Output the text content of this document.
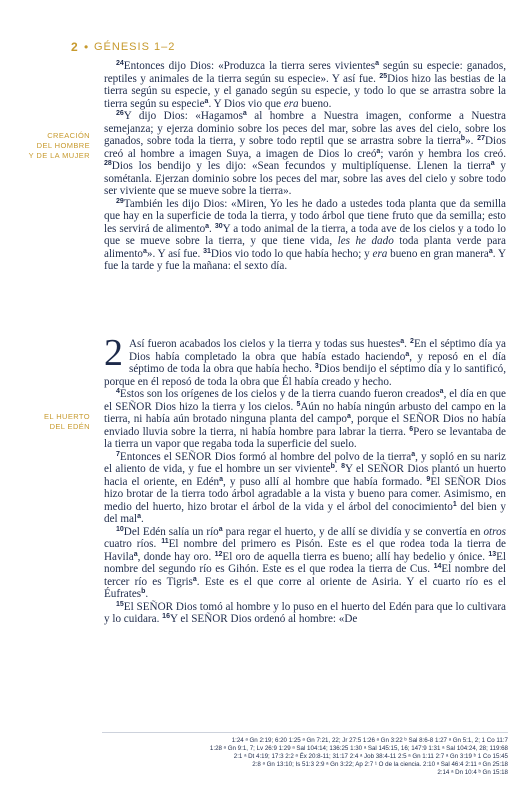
2 • GÉNESIS 1–2
CREACIÓN
DEL HOMBRE
Y DE LA MUJER
EL HUERTO
DEL EDÉN

$^{24}$Entonces dijo Dios: «Produzca la tierra seres vivientes$^a$ según su especie: ganados, reptiles y animales de la tierra según su especie». Y así fue. $^{25}$Dios hizo las bestias de la tierra según su especie, y el ganado según su especie, y todo lo que se arrastra sobre la tierra según su especie$^a$. Y Dios vio que era bueno.

$^{26}$Y dijo Dios: «Hagamos$^a$ al hombre a Nuestra imagen, conforme a Nuestra semejanza; y ejerza dominio sobre los peces del mar, sobre las aves del cielo, sobre los ganados, sobre toda la tierra, y sobre todo reptil que se arrastra sobre la tierra$^b$». $^{27}$Dios creó al hombre a imagen Suya, a imagen de Dios lo creó$^a$; varón y hembra los creó. $^{28}$Dios los bendijo y les dijo: «Sean fecundos y multiplíquense. Llenen la tierra$^a$ y sométanla. Ejerzan dominio sobre los peces del mar, sobre las aves del cielo y sobre todo ser viviente que se mueve sobre la tierra».

$^{29}$También les dijo Dios: «Miren, Yo les he dado a ustedes toda planta que da semilla que hay en la superficie de toda la tierra, y todo árbol que tiene fruto que da semilla; esto les servirá de alimento$^a$. $^{30}$Y a todo animal de la tierra, a toda ave de los cielos y a todo lo que se mueve sobre la tierra, y que tiene vida, les he dado toda planta verde para alimento$^a$». Y así fue. $^{31}$Dios vio todo lo que había hecho; y era bueno en gran manera$^a$. Y fue la tarde y fue la mañana: el sexto día.

2 Así fueron acabados los cielos y la tierra y todas sus huestes$^a$. $^2$En el séptimo día ya Dios había completado la obra que había estado haciendo$^a$, y reposó en el día séptimo de toda la obra que había hecho. $^3$Dios bendijo el séptimo día y lo santificó, porque en él reposó de toda la obra que Él había creado y hecho.

$^4$Estos son los orígenes de los cielos y de la tierra cuando fueron creados$^a$, el día en que el SEÑOR Dios hizo la tierra y los cielos. $^5$Aún no había ningún arbusto del campo en la tierra, ni había aún brotado ninguna planta del campo$^a$, porque el SEÑOR Dios no había enviado lluvia sobre la tierra, ni había hombre para labrar la tierra. $^6$Pero se levantaba de la tierra un vapor que regaba toda la superficie del suelo.

$^7$Entonces el SEÑOR Dios formó al hombre del polvo de la tierra$^a$, y sopló en su nariz el aliento de vida, y fue el hombre un ser viviente$^b$. $^8$Y el SEÑOR Dios plantó un huerto hacia el oriente, en Edén$^a$, y puso allí al hombre que había formado. $^9$El SEÑOR Dios hizo brotar de la tierra todo árbol agradable a la vista y bueno para comer. Asimismo, en medio del huerto, hizo brotar el árbol de la vida y el árbol del conocimiento$^1$ del bien y del mal$^a$.

$^{10}$Del Edén salía un río$^a$ para regar el huerto, y de allí se dividía y se convertía en otros cuatro ríos. $^{11}$El nombre del primero es Pisón. Este es el que rodea toda la tierra de Havila$^a$, donde hay oro. $^{12}$El oro de aquella tierra es bueno; allí hay bedelio y ónice. $^{13}$El nombre del segundo río es Gihón. Este es el que rodea la tierra de Cus. $^{14}$El nombre del tercer río es Tigris$^a$. Este es el que corre al oriente de Asiria. Y el cuarto río es el Éufrates$^b$.

$^{15}$El SEÑOR Dios tomó al hombre y lo puso en el huerto del Edén para que lo cultivara y lo cuidara. $^{16}$Y el SEÑOR Dios ordenó al hombre: «De

1:24 ᵃ Gn 2:19; 6:20 1:25 ᵃ Gn 7:21, 22; Jr 27:5 1:26 ᵃ Gn 3:22 ᵇ Sal 8:6-8 1:27 ᵃ Gn 5:1, 2; 1 Co 11:7
1:28 ᵃ Gn 9:1, 7; Lv 26:9 1:29 ᵃ Sal 104:14; 136:25 1:30 ᵃ Sal 145:15, 16; 147:9 1:31 ᵃ Sal 104:24, 28; 119:68
2:1 ᵃ Dt 4:19; 17:3 2:2 ᵃ Éx 20:8-11; 31:17 2:4 ᵃ Job 38:4-11 2:5 ᵃ Gn 1:11 2:7 ᵃ Gn 3:19 ᵇ 1 Co 15:45
2:8 ᵃ Gn 13:10; Is 51:3 2:9 ᵃ Gn 3:22; Ap 2:7 ¹ O de la ciencia. 2:10 ᵃ Sal 46:4 2:11 ᵃ Gn 25:18
2:14 ᵃ Dn 10:4 ᵇ Gn 15:18
